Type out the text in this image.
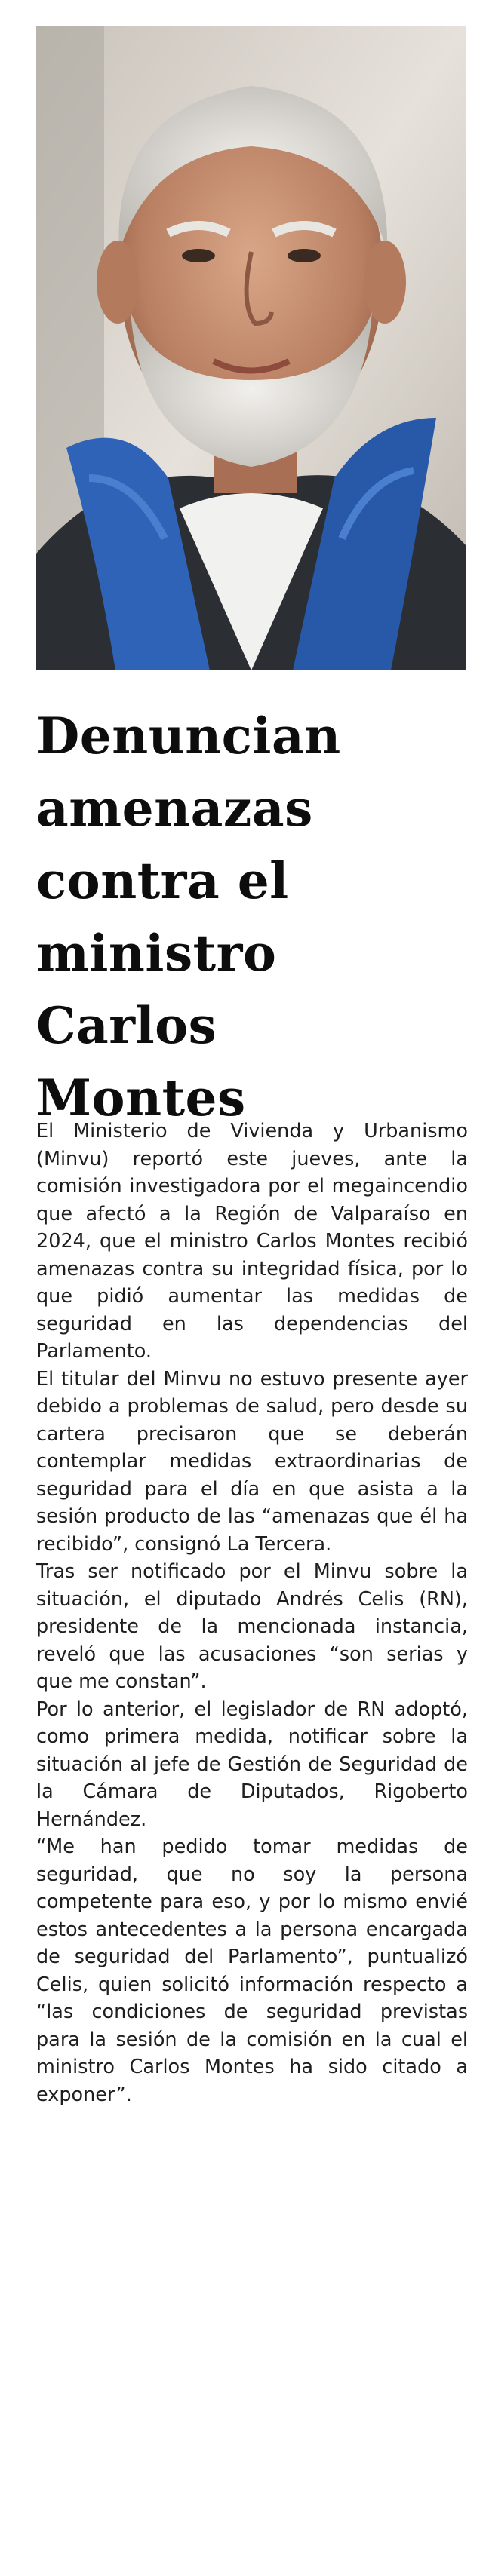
Denuncian
amenazas
contra el
ministro
Carlos
Montes

El Ministerio de Vivienda y Urbanismo (Minvu) reportó este jueves, ante la comisión investigadora por el megaincendio que afectó a la Región de Valparaíso en 2024, que el ministro Carlos Montes recibió amenazas contra su integridad física, por lo que pidió aumentar las medidas de seguridad en las dependencias del Parlamento.

El titular del Minvu no estuvo presente ayer debido a problemas de salud, pero desde su cartera precisaron que se deberán contemplar medidas extraordinarias de seguridad para el día en que asista a la sesión producto de las “amenazas que él ha recibido”, consignó La Tercera.

Tras ser notificado por el Minvu sobre la situación, el diputado Andrés Celis (RN), presidente de la mencionada instancia, reveló que las acusaciones “son serias y que me constan”.

Por lo anterior, el legislador de RN adoptó, como primera medida, notificar sobre la situación al jefe de Gestión de Seguridad de la Cámara de Diputados, Rigoberto Hernández.

“Me han pedido tomar medidas de seguridad, que no soy la persona competente para eso, y por lo mismo envié estos antecedentes a la persona encargada de seguridad del Parlamento”, puntualizó Celis, quien solicitó información respecto a “las condiciones de seguridad previstas para la sesión de la comisión en la cual el ministro Carlos Montes ha sido citado a exponer”.
